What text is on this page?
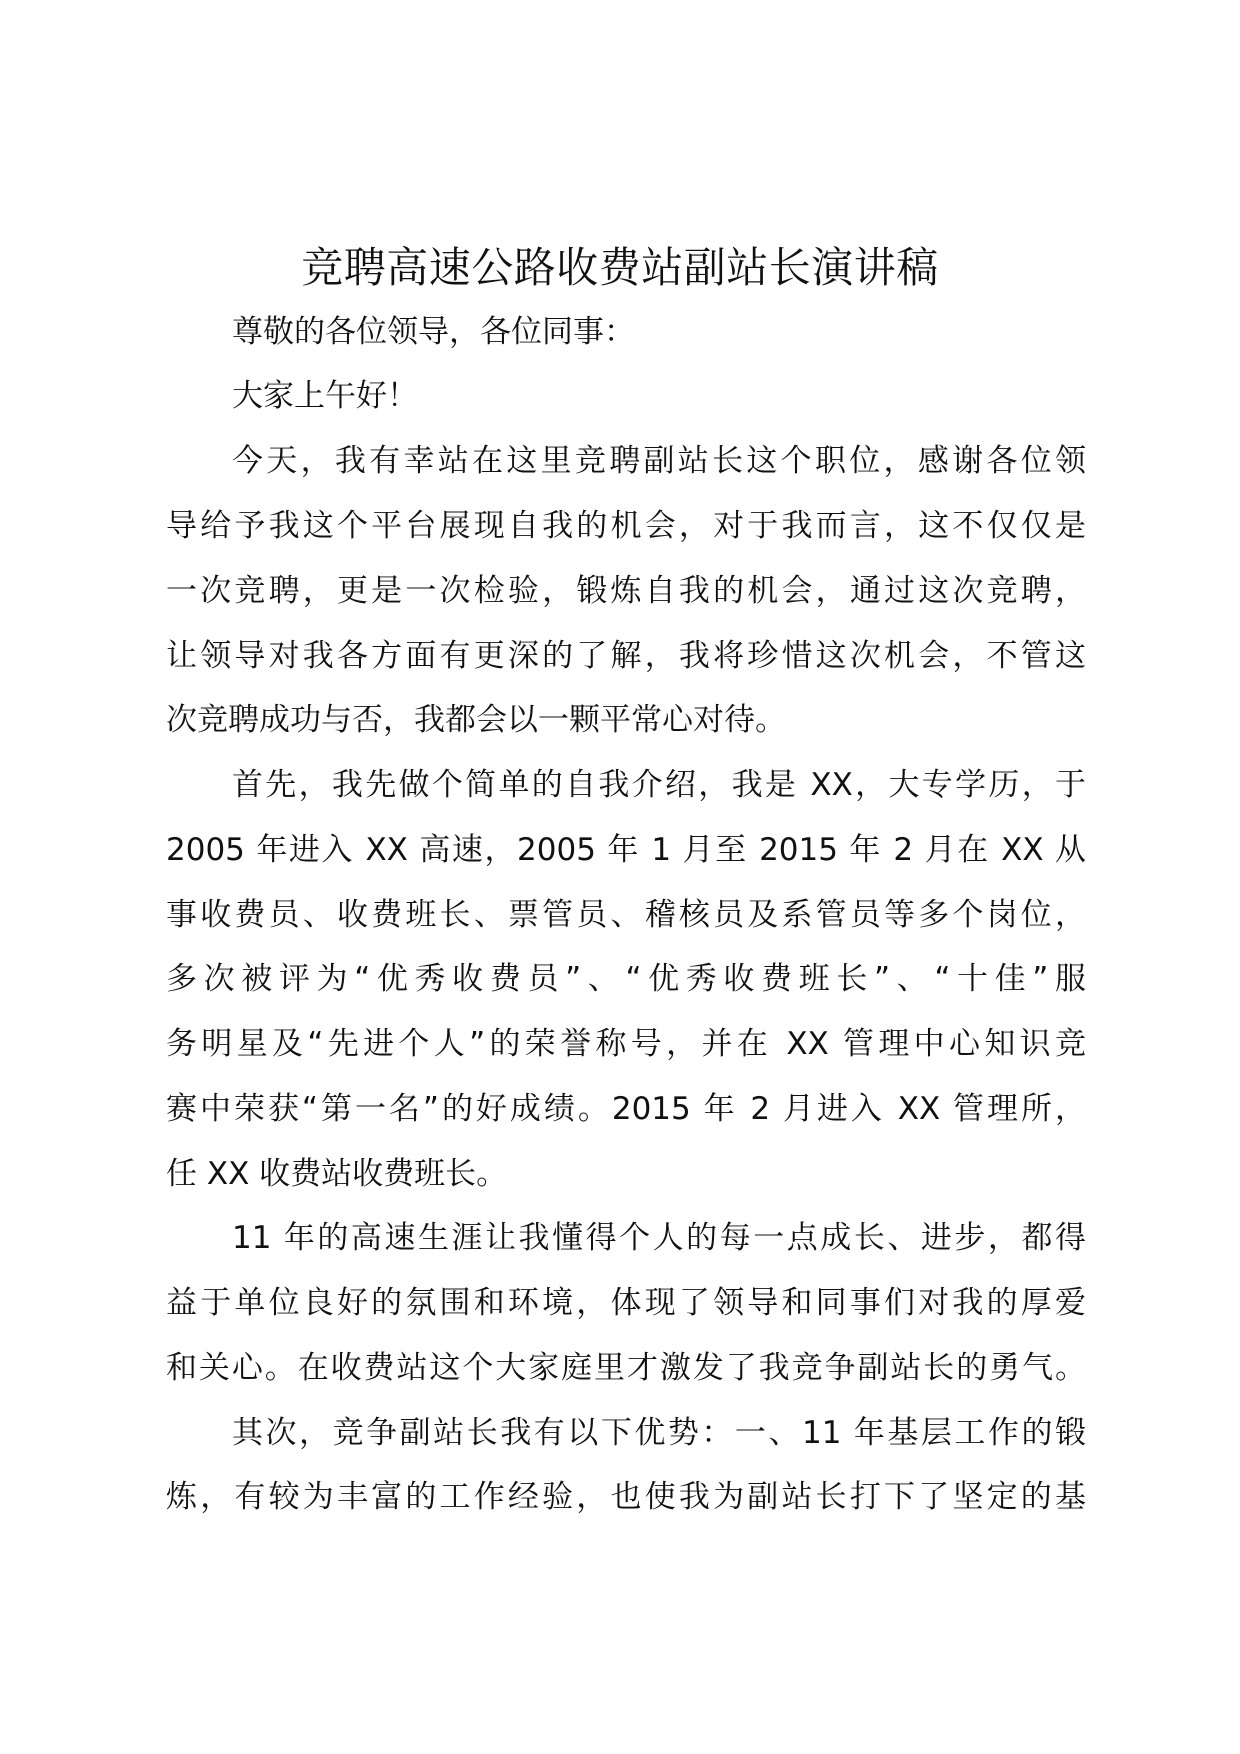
竞聘高速公路收费站副站长演讲稿
尊敬的各位领导，各位同事：
大家上午好！
今天，我有幸站在这里竞聘副站长这个职位，感谢各位领
导给予我这个平台展现自我的机会，对于我而言，这不仅仅是
一次竞聘，更是一次检验，锻炼自我的机会，通过这次竞聘，
让领导对我各方面有更深的了解，我将珍惜这次机会，不管这
次竞聘成功与否，我都会以一颗平常心对待。
首先，我先做个简单的自我介绍，我是 XX，大专学历，于
2005 年进入 XX 高速，2005 年 1 月至 2015 年 2 月在 XX 从
事收费员、收费班长、票管员、稽核员及系管员等多个岗位，
多次被评为“优秀收费员”、“优秀收费班长”、“十佳”服
务明星及“先进个人”的荣誉称号，并在 XX 管理中心知识竞
赛中荣获“第一名”的好成绩。2015 年 2 月进入 XX 管理所，
任 XX 收费站收费班长。
11 年的高速生涯让我懂得个人的每一点成长、进步，都得
益于单位良好的氛围和环境，体现了领导和同事们对我的厚爱
和关心。在收费站这个大家庭里才激发了我竞争副站长的勇气。
其次，竞争副站长我有以下优势：一、11 年基层工作的锻
炼，有较为丰富的工作经验，也使我为副站长打下了坚定的基
